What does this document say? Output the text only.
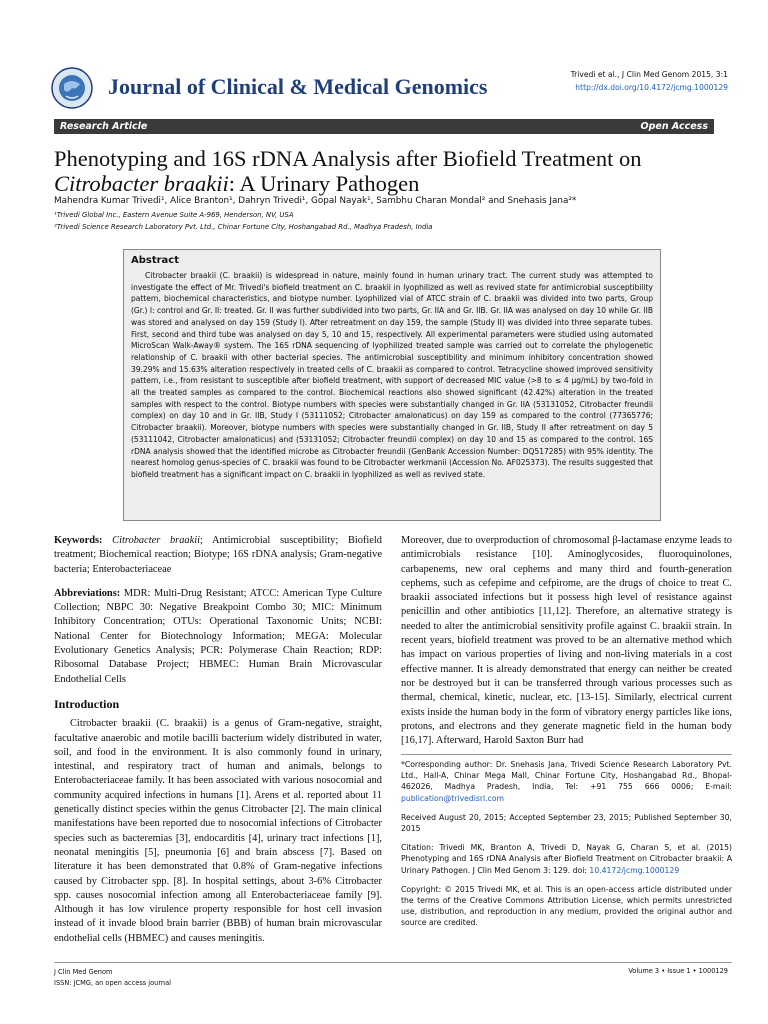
Journal of Clinical & Medical Genomics	Trivedi et al., J Clin Med Genom 2015, 3:1
http://dx.doi.org/10.4172/jcmg.1000129
Research Article	Open Access
Phenotyping and 16S rDNA Analysis after Biofield Treatment on
Citrobacter braakii: A Urinary Pathogen
Mahendra Kumar Trivedi¹, Alice Branton¹, Dahryn Trivedi¹, Gopal Nayak¹, Sambhu Charan Mondal² and Snehasis Jana²*
¹Trivedi Global Inc., Eastern Avenue Suite A-969, Henderson, NV, USA
²Trivedi Science Research Laboratory Pvt. Ltd., Chinar Fortune City, Hoshangabad Rd., Madhya Pradesh, India
Abstract

Citrobacter braakii (C. braakii) is widespread in nature, mainly found in human urinary tract. The current study was attempted to investigate the effect of Mr. Trivedi's biofield treatment on C. braakii in lyophilized as well as revived state for antimicrobial susceptibility pattern, biochemical characteristics, and biotype number. Lyophilized vial of ATCC strain of C. braakii was divided into two parts, Group (Gr.) I: control and Gr. II: treated. Gr. II was further subdivided into two parts, Gr. IIA and Gr. IIB. Gr. IIA was analysed on day 10 while Gr. IIB was stored and analysed on day 159 (Study I). After retreatment on day 159, the sample (Study II) was divided into three separate tubes. First, second and third tube was analysed on day 5, 10 and 15, respectively. All experimental parameters were studied using automated MicroScan Walk-Away® system. The 16S rDNA sequencing of lyophilized treated sample was carried out to correlate the phylogenetic relationship of C. braakii with other bacterial species. The antimicrobial susceptibility and minimum inhibitory concentration showed 39.29% and 15.63% alteration respectively in treated cells of C. braakii as compared to control. Tetracycline showed improved sensitivity pattern, i.e., from resistant to susceptible after biofield treatment, with support of decreased MIC value (>8 to ≤ 4 µg/mL) by two-fold in all the treated samples as compared to the control. Biochemical reactions also showed significant (42.42%) alteration in the treated samples with respect to the control. Biotype numbers with species were substantially changed in Gr. IIA (53131052, Citrobacter freundii complex) on day 10 and in Gr. IIB, Study I (53111052; Citrobacter amalonaticus) on day 159 as compared to the control (77365776; Citrobacter braakii). Moreover, biotype numbers with species were substantially changed in Gr. IIB, Study II after retreatment on day 5 (53111042, Citrobacter amalonaticus) and (53131052; Citrobacter freundii complex) on day 10 and 15 as compared to the control. 16S rDNA analysis showed that the identified microbe as Citrobacter freundii (GenBank Accession Number: DQ517285) with 95% identity. The nearest homolog genus-species of C. braakii was found to be Citrobacter werkmanii (Accession No. AF025373). The results suggested that biofield treatment has a significant impact on C. braakii in lyophilized as well as revived state.

Keywords: Citrobacter braakii; Antimicrobial susceptibility; Biofield treatment; Biochemical reaction; Biotype; 16S rDNA analysis; Gram-negative bacteria; Enterobacteriaceae

Abbreviations: MDR: Multi-Drug Resistant; ATCC: American Type Culture Collection; NBPC 30: Negative Breakpoint Combo 30; MIC: Minimum Inhibitory Concentration; OTUs: Operational Taxonomic Units; NCBI: National Center for Biotechnology Information; MEGA: Molecular Evolutionary Genetics Analysis; PCR: Polymerase Chain Reaction; RDP: Ribosomal Database Project; HBMEC: Human Brain Microvascular Endothelial Cells

Introduction

Citrobacter braakii (C. braakii) is a genus of Gram-negative, straight, facultative anaerobic and motile bacilli bacterium widely distributed in water, soil, and food in the environment. It is also commonly found in urinary, intestinal, and respiratory tract of human and animals, belongs to Enterobacteriaceae family. It has been associated with various nosocomial and community acquired infections in humans [1]. Arens et al. reported about 11 genetically distinct species within the genus Citrobacter [2]. The main clinical manifestations have been reported due to nosocomial infections of Citrobacter species such as bacteremias [3], endocarditis [4], urinary tract infections [1], neonatal meningitis [5], pneumonia [6] and brain abscess [7]. Based on literature it has been demonstrated that 0.8% of Gram-negative infections caused by Citrobacter spp. [8]. In hospital settings, about 3-6% Citrobacter spp. causes nosocomial infection among all Enterobacteriaceae family [9]. Although it has low virulence property responsible for host cell invasion instead of it invade blood brain barrier (BBB) of human brain microvascular endothelial cells (HBMEC) and causes meningitis.

Moreover, due to overproduction of chromosomal β-lactamase enzyme leads to antimicrobials resistance [10]. Aminoglycosides, fluoroquinolones, carbapenems, new oral cephems and many third and fourth-generation cephems, such as cefepime and cefpirome, are the drugs of choice to treat C. braakii associated infections but it possess high level of resistance against penicillin and other antibiotics [11,12]. Therefore, an alternative strategy is needed to alter the antimicrobial sensitivity profile against C. braakii strain. In recent years, biofield treatment was proved to be an alternative method which has impact on various properties of living and non-living materials in a cost effective manner. It is already demonstrated that energy can neither be created nor be destroyed but it can be transferred through various processes such as thermal, chemical, kinetic, nuclear, etc. [13-15]. Similarly, electrical current exists inside the human body in the form of vibratory energy particles like ions, protons, and electrons and they generate magnetic field in the human body [16,17]. Afterward, Harold Saxton Burr had

*Corresponding author: Dr. Snehasis Jana, Trivedi Science Research Laboratory Pvt. Ltd., Hall-A, Chinar Mega Mall, Chinar Fortune City, Hoshangabad Rd., Bhopal- 462026, Madhya Pradesh, India, Tel: +91 755 666 0006; E-mail: publication@trivedisrl.com

Received August 20, 2015; Accepted September 23, 2015; Published September 30, 2015

Citation: Trivedi MK, Branton A, Trivedi D, Nayak G, Charan S, et al. (2015) Phenotyping and 16S rDNA Analysis after Biofield Treatment on Citrobacter braakii: A Urinary Pathogen. J Clin Med Genom 3: 129. doi: 10.4172/jcmg.1000129

Copyright: © 2015 Trivedi MK, et al. This is an open-access article distributed under the terms of the Creative Commons Attribution License, which permits unrestricted use, distribution, and reproduction in any medium, provided the original author and source are credited.

J Clin Med Genom
ISSN: JCMG, an open access journal
Volume 3 • Issue 1 • 1000129
